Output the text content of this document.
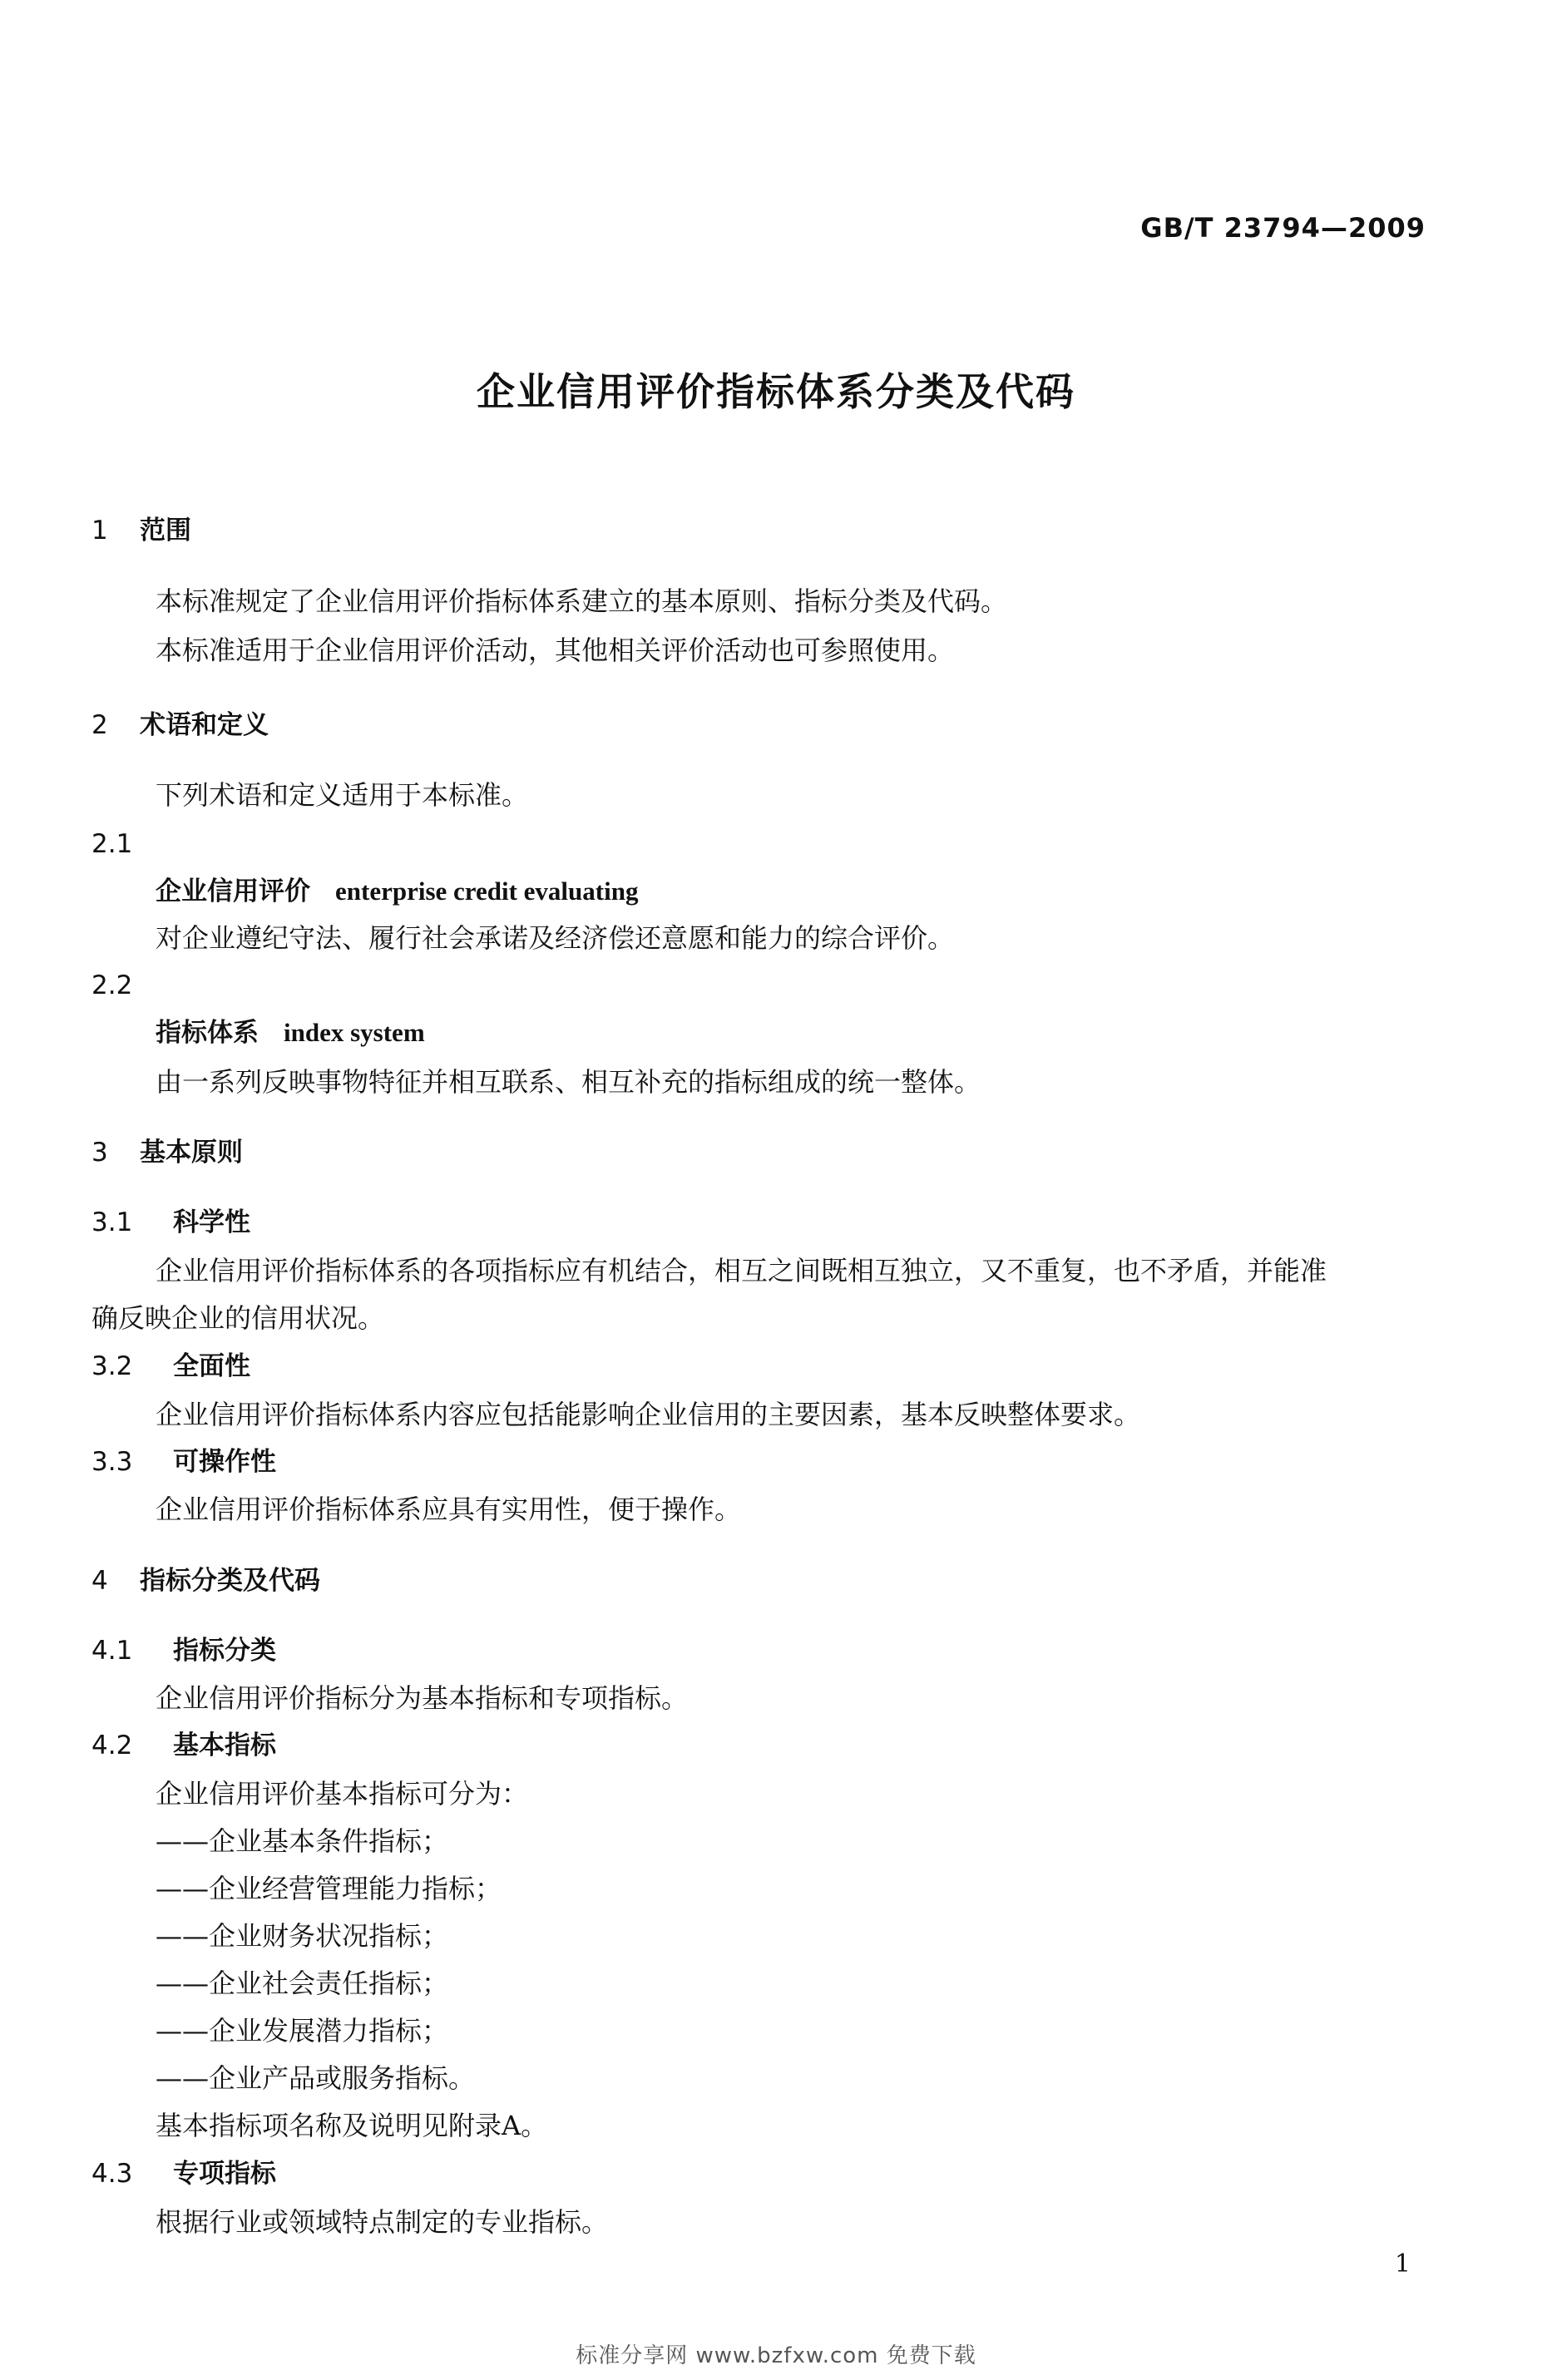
GB/T 23794—2009
企业信用评价指标体系分类及代码
1 范围
本标准规定了企业信用评价指标体系建立的基本原则、指标分类及代码。
本标准适用于企业信用评价活动，其他相关评价活动也可参照使用。
2 术语和定义
下列术语和定义适用于本标准。
2.1
企业信用评价 enterprise credit evaluating
对企业遵纪守法、履行社会承诺及经济偿还意愿和能力的综合评价。
2.2
指标体系 index system
由一系列反映事物特征并相互联系、相互补充的指标组成的统一整体。
3 基本原则
3.1 科学性
企业信用评价指标体系的各项指标应有机结合，相互之间既相互独立，又不重复，也不矛盾，并能准
确反映企业的信用状况。
3.2 全面性
企业信用评价指标体系内容应包括能影响企业信用的主要因素，基本反映整体要求。
3.3 可操作性
企业信用评价指标体系应具有实用性，便于操作。
4 指标分类及代码
4.1 指标分类
企业信用评价指标分为基本指标和专项指标。
4.2 基本指标
企业信用评价基本指标可分为：
——企业基本条件指标；
——企业经营管理能力指标；
——企业财务状况指标；
——企业社会责任指标；
——企业发展潜力指标；
——企业产品或服务指标。
基本指标项名称及说明见附录A。
4.3 专项指标
根据行业或领域特点制定的专业指标。
1
标准分享网 www.bzfxw.com 免费下载
